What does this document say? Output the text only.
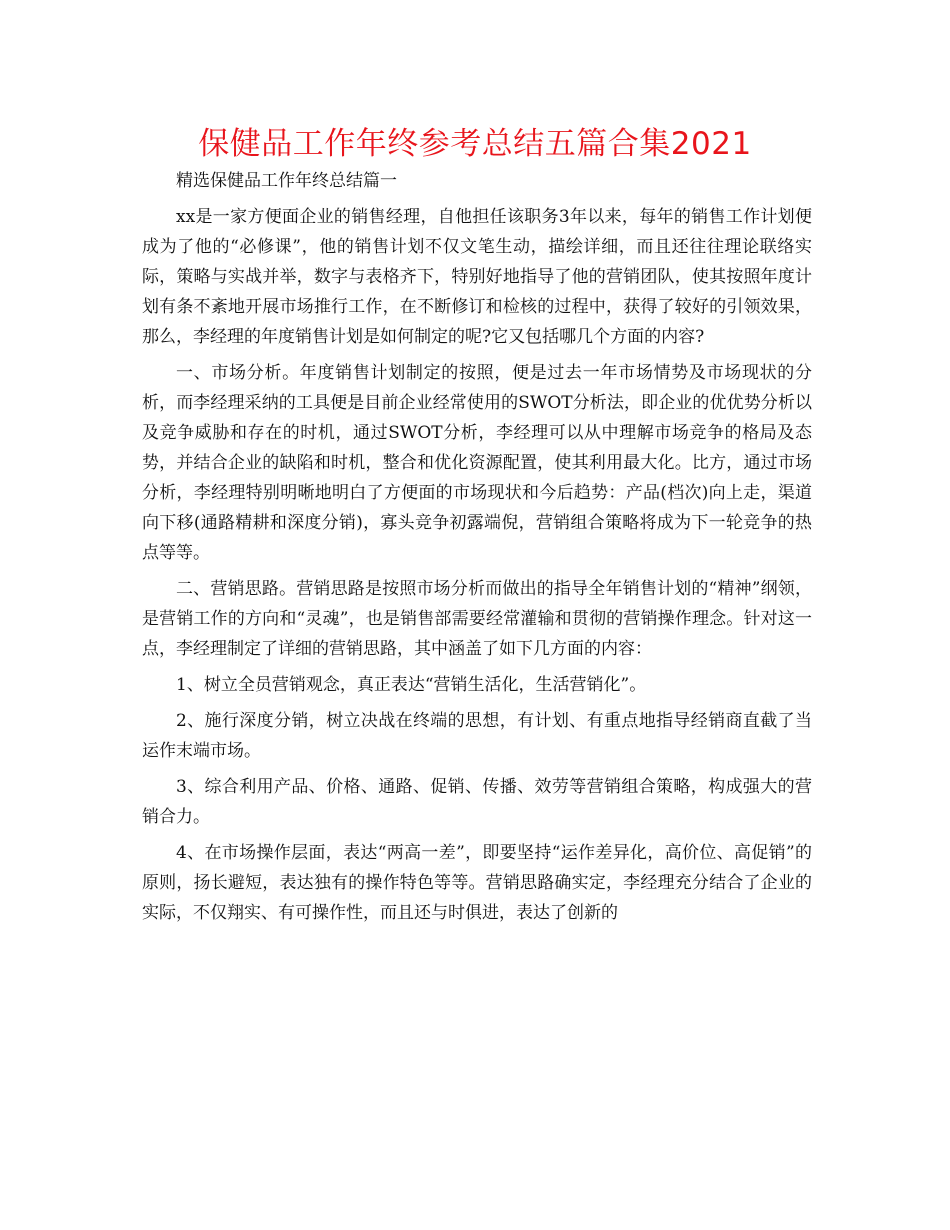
保健品工作年终参考总结五篇合集2021

精选保健品工作年终总结篇一

xx是一家方便面企业的销售经理，自他担任该职务3年以来，每年的销售工作计划便成为了他的“必修课”，他的销售计划不仅文笔生动，描绘详细，而且还往往理论联络实际，策略与实战并举，数字与表格齐下，特别好地指导了他的营销团队，使其按照年度计划有条不紊地开展市场推行工作，在不断修订和检核的过程中，获得了较好的引领效果，那么，李经理的年度销售计划是如何制定的呢?它又包括哪几个方面的内容?

一、市场分析。年度销售计划制定的按照，便是过去一年市场情势及市场现状的分析，而李经理采纳的工具便是目前企业经常使用的SWOT分析法，即企业的优优势分析以及竞争威胁和存在的时机，通过SWOT分析，李经理可以从中理解市场竞争的格局及态势，并结合企业的缺陷和时机，整合和优化资源配置，使其利用最大化。比方，通过市场分析，李经理特别明晰地明白了方便面的市场现状和今后趋势：产品(档次)向上走，渠道向下移(通路精耕和深度分销)，寡头竞争初露端倪，营销组合策略将成为下一轮竞争的热点等等。

二、营销思路。营销思路是按照市场分析而做出的指导全年销售计划的“精神”纲领，是营销工作的方向和“灵魂”，也是销售部需要经常灌输和贯彻的营销操作理念。针对这一点，李经理制定了详细的营销思路，其中涵盖了如下几方面的内容：

1、树立全员营销观念，真正表达“营销生活化，生活营销化”。

2、施行深度分销，树立决战在终端的思想，有计划、有重点地指导经销商直截了当运作末端市场。

3、综合利用产品、价格、通路、促销、传播、效劳等营销组合策略，构成强大的营销合力。

4、在市场操作层面，表达“两高一差”，即要坚持“运作差异化，高价位、高促销”的原则，扬长避短，表达独有的操作特色等等。营销思路确实定，李经理充分结合了企业的实际，不仅翔实、有可操作性，而且还与时俱进，表达了创新的
